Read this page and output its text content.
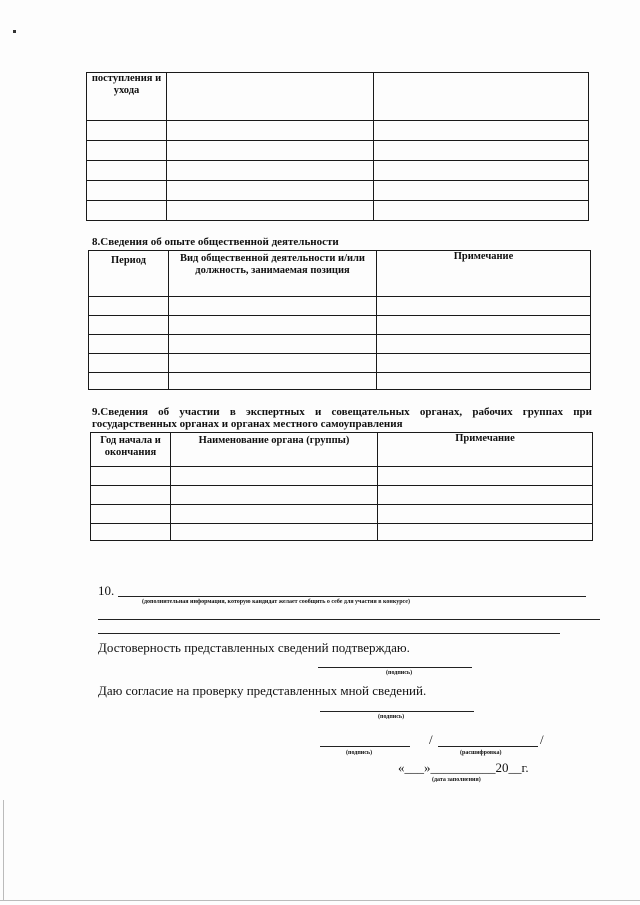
поступления и ухода		

8.Сведения об опыте общественной деятельности
Период	Вид общественной деятельности и/или должность, занимаемая позиция	Примечание

9.Сведения об участии в экспертных и совещательных органах, рабочих группах при государственных органах и органах местного самоуправления
Год начала и окончания	Наименование органа (группы)	Примечание

10.
(дополнительная информация, которую кандидат желает сообщить о себе для участия в конкурсе)
Достоверность представленных сведений подтверждаю.
(подпись)
Даю согласие на проверку представленных мной сведений.
(подпись)
/	/
(подпись)	(расшифровка)
«___»__________20__г.
(дата заполнения)
